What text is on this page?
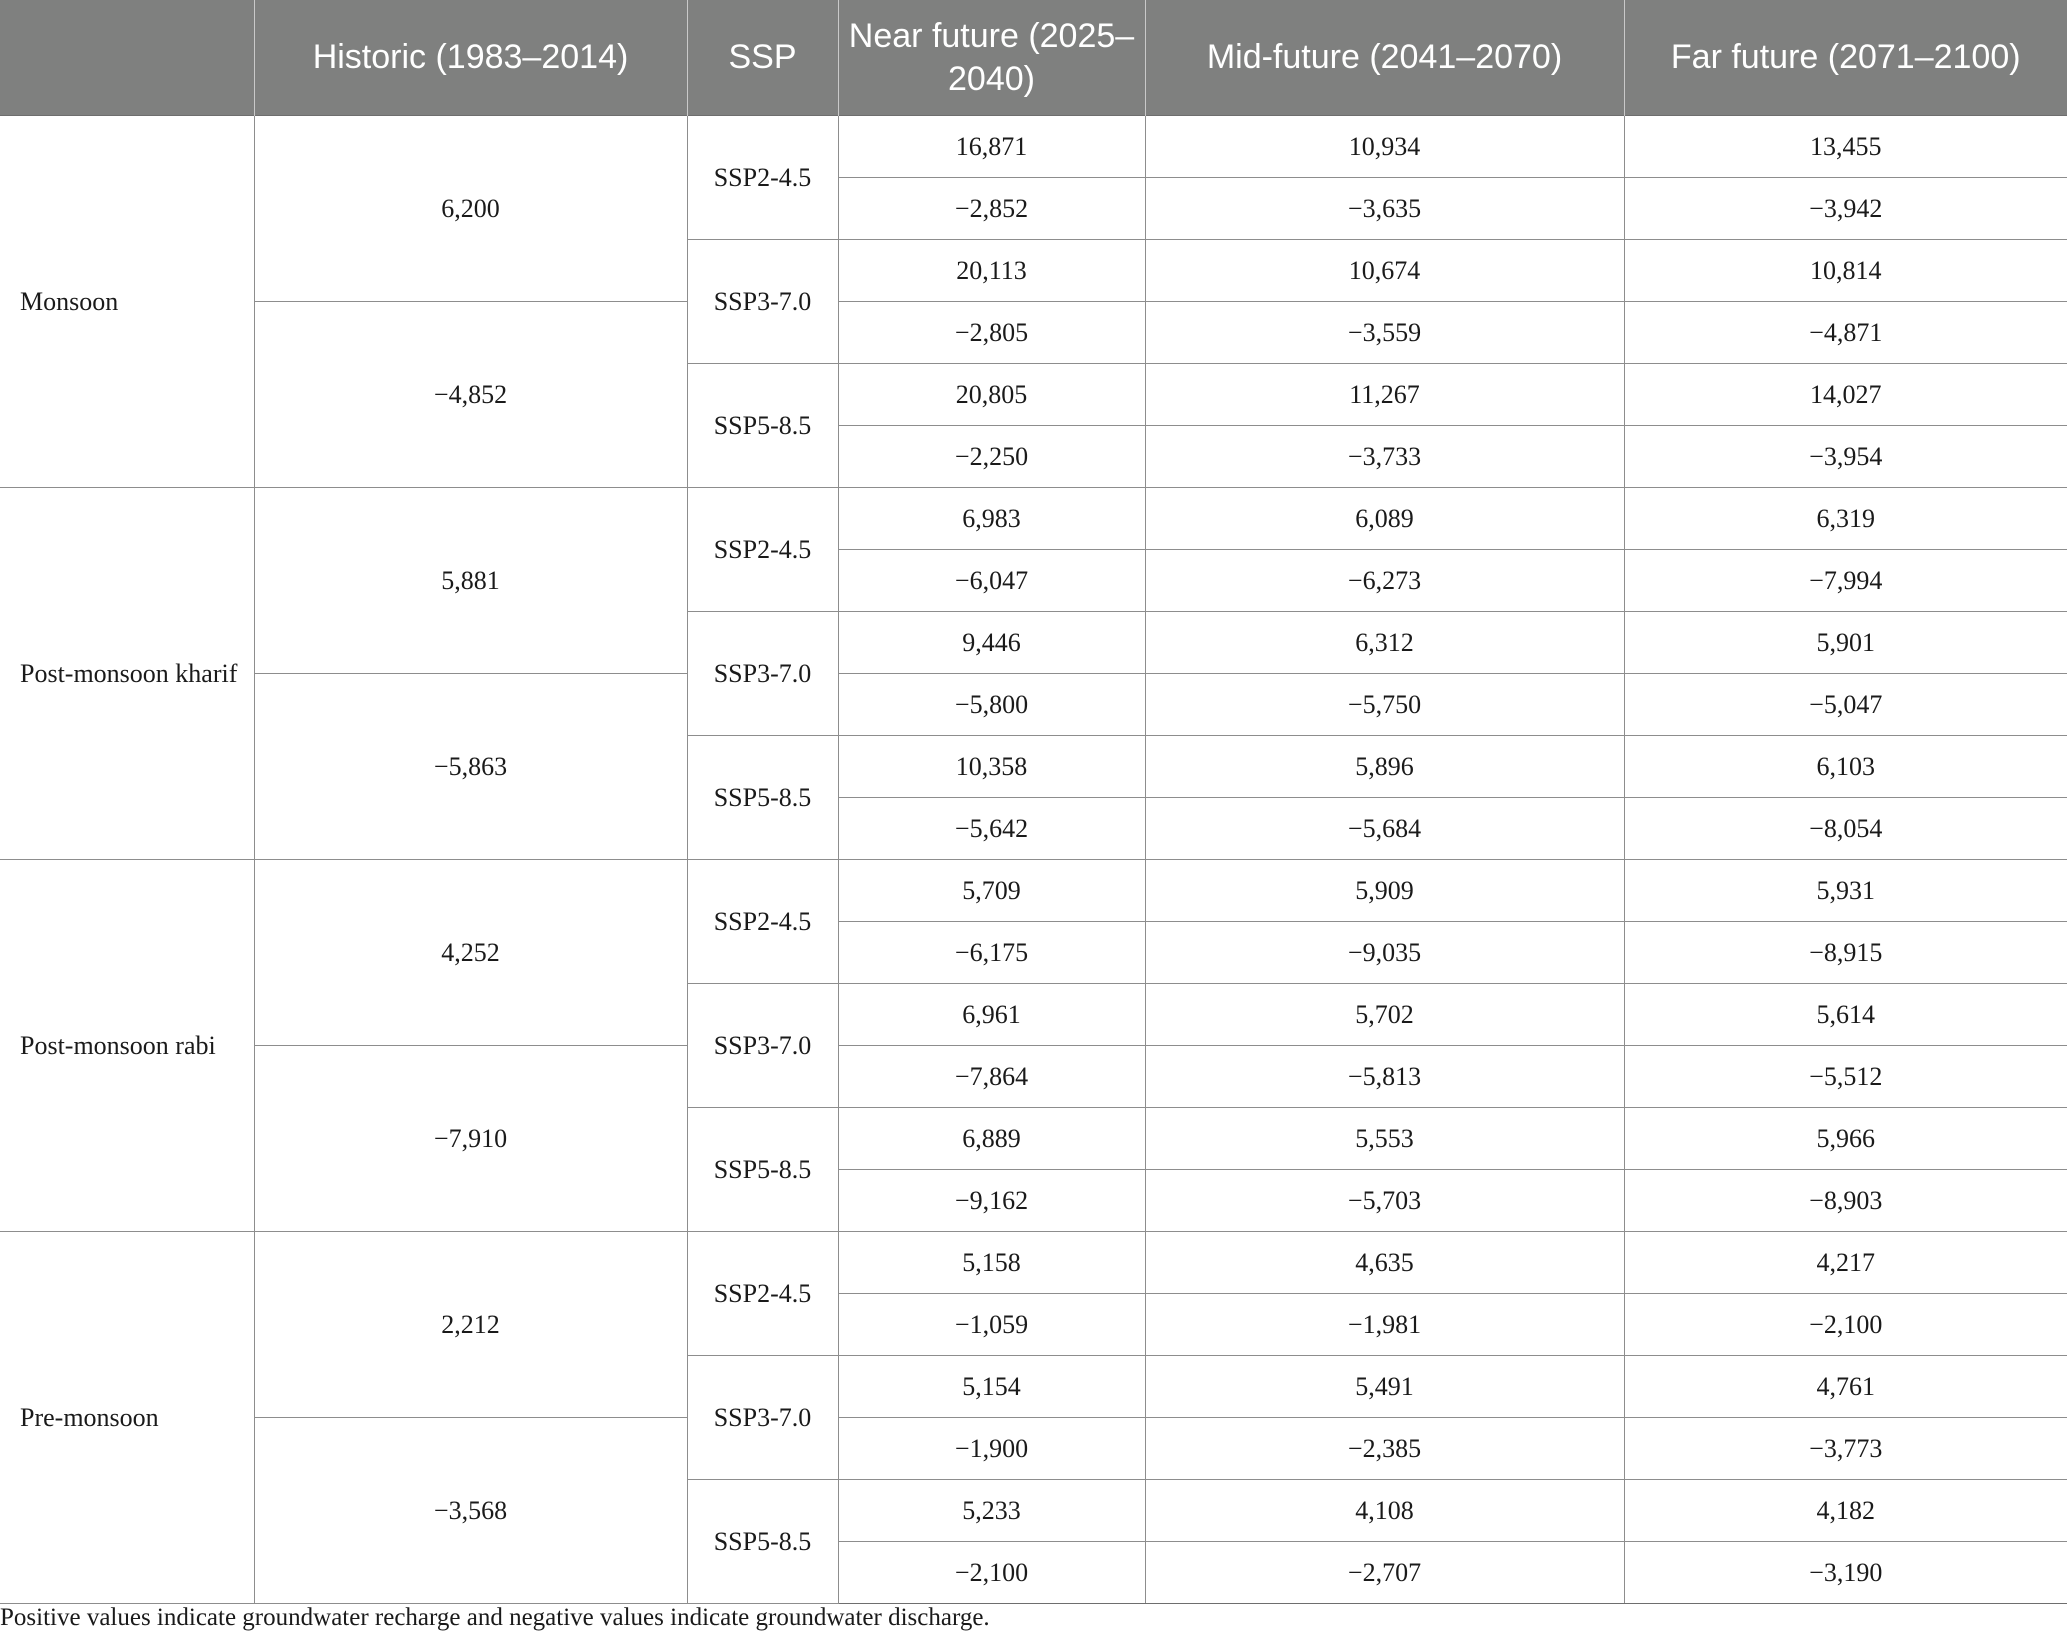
	Historic (1983–2014)	SSP	Near future (2025–2040)	Mid-future (2041–2070)	Far future (2071–2100)
Monsoon	6,200	SSP2-4.5	16,871	10,934	13,455
			−2,852	−3,635	−3,942
		SSP3-7.0	20,113	10,674	10,814
	−4,852		−2,805	−3,559	−4,871
		SSP5-8.5	20,805	11,267	14,027
			−2,250	−3,733	−3,954
Post-monsoon kharif	5,881	SSP2-4.5	6,983	6,089	6,319
			−6,047	−6,273	−7,994
		SSP3-7.0	9,446	6,312	5,901
	−5,863		−5,800	−5,750	−5,047
		SSP5-8.5	10,358	5,896	6,103
			−5,642	−5,684	−8,054
Post-monsoon rabi	4,252	SSP2-4.5	5,709	5,909	5,931
			−6,175	−9,035	−8,915
		SSP3-7.0	6,961	5,702	5,614
	−7,910		−7,864	−5,813	−5,512
		SSP5-8.5	6,889	5,553	5,966
			−9,162	−5,703	−8,903
Pre-monsoon	2,212	SSP2-4.5	5,158	4,635	4,217
			−1,059	−1,981	−2,100
		SSP3-7.0	5,154	5,491	4,761
	−3,568		−1,900	−2,385	−3,773
		SSP5-8.5	5,233	4,108	4,182
			−2,100	−2,707	−3,190

Positive values indicate groundwater recharge and negative values indicate groundwater discharge.
